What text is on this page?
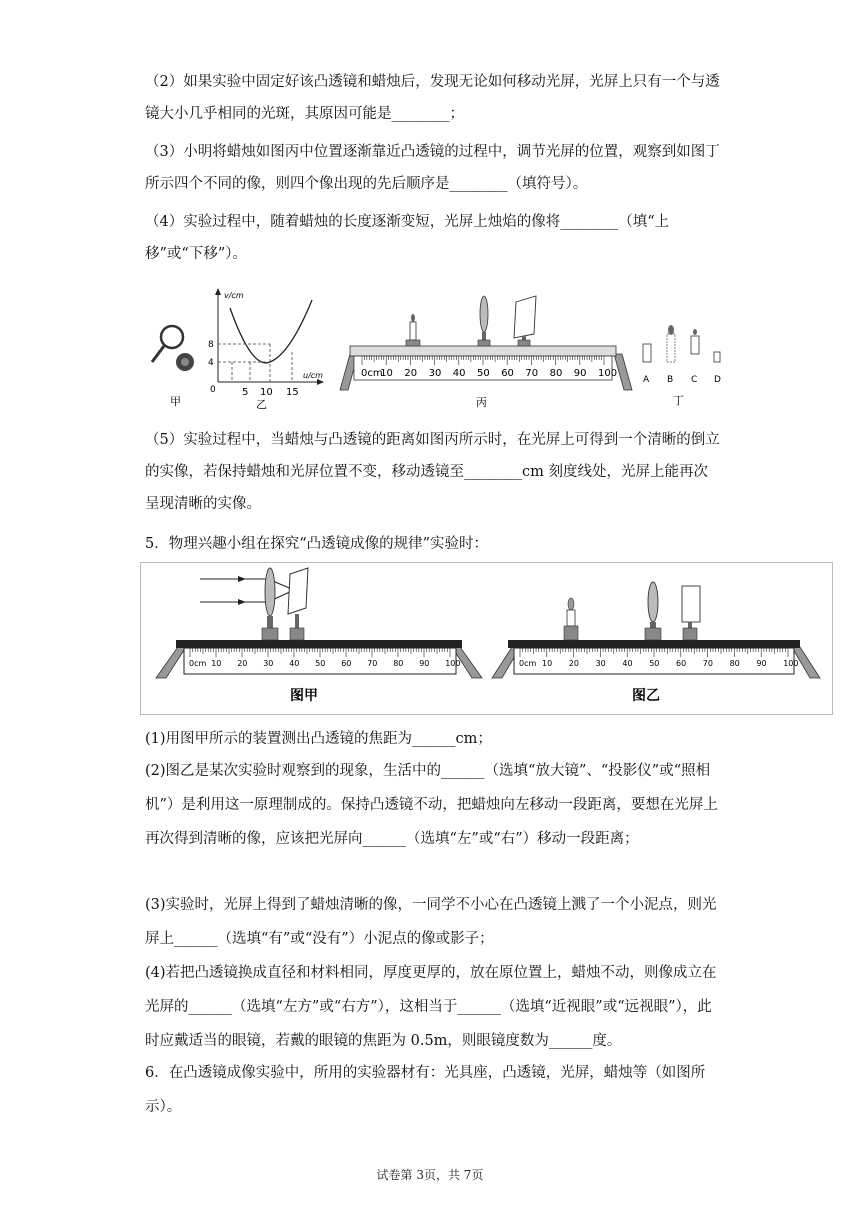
（2）如果实验中固定好该凸透镜和蜡烛后，发现无论如何移动光屏，光屏上只有一个与透镜大小几乎相同的光斑，其原因可能是________；

（3）小明将蜡烛如图丙中位置逐渐靠近凸透镜的过程中，调节光屏的位置，观察到如图丁所示四个不同的像，则四个像出现的先后顺序是________（填符号）。

（4）实验过程中，随着蜡烛的长度逐渐变短，光屏上烛焰的像将________（填“上移”或“下移”）。

甲
v/cm
u/cm
0
8
4
5 10 15
乙	丙
0cm
10 20 30 40 50 60 70 80 90 100
A B C D
丁

（5）实验过程中，当蜡烛与凸透镜的距离如图丙所示时，在光屏上可得到一个清晰的倒立的实像，若保持蜡烛和光屏位置不变，移动透镜至________cm 刻度线处，光屏上能再次呈现清晰的实像。

5．物理兴趣小组在探究“凸透镜成像的规律”实验时：

0cm 10 20 30 40 50 60 70 80 90 100
图甲
0cm 10 20 30 40 50 60 70 80 90 100
图乙

(1)用图甲所示的装置测出凸透镜的焦距为______cm；

(2)图乙是某次实验时观察到的现象，生活中的______（选填“放大镜”、“投影仪”或“照相机”）是利用这一原理制成的。保持凸透镜不动，把蜡烛向左移动一段距离，要想在光屏上再次得到清晰的像，应该把光屏向______（选填“左”或“右”）移动一段距离；

(3)实验时，光屏上得到了蜡烛清晰的像，一同学不小心在凸透镜上溅了一个小泥点，则光屏上______（选填“有”或“没有”）小泥点的像或影子；

(4)若把凸透镜换成直径和材料相同，厚度更厚的，放在原位置上，蜡烛不动，则像成立在光屏的______（选填“左方”或“右方”），这相当于______（选填“近视眼”或“远视眼”），此时应戴适当的眼镜，若戴的眼镜的焦距为 0.5m，则眼镜度数为______度。

6．在凸透镜成像实验中，所用的实验器材有：光具座，凸透镜，光屏，蜡烛等（如图所示）。

试卷第 3页，共 7页
